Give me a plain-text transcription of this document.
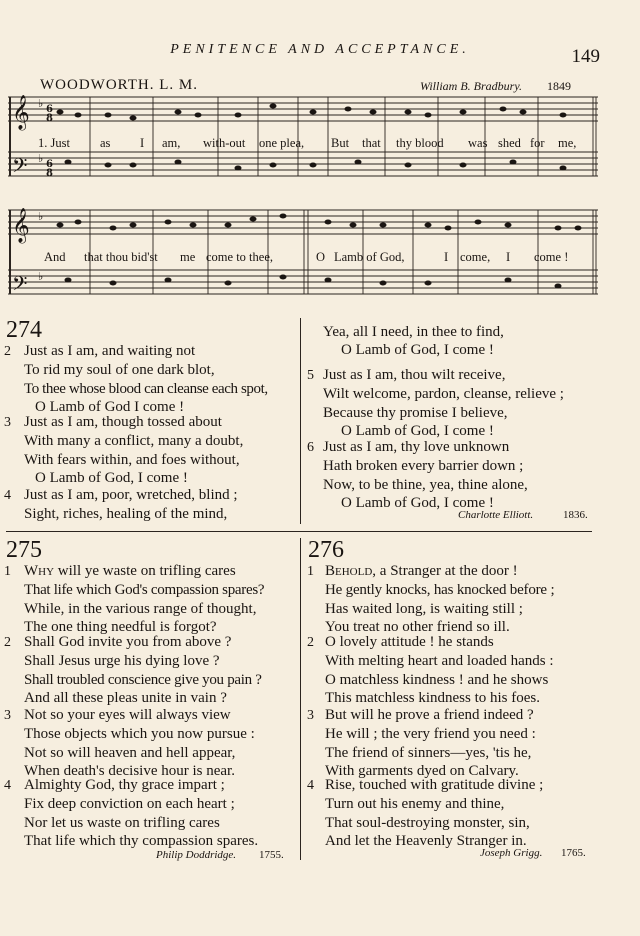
PENITENCE AND ACCEPTANCE.	149
WOODWORTH. L. M.	William B. Bradbury. 1849
𝄞
𝄢
𝄞
𝄢
♭
♭
♭
♭
6
8
6
8
1. Just as I am, with-out one plea, But that thy blood was shed for me,
And that thou bid'st me come to thee,	O Lamb of God,	I come, I come !
274
2 Just as I am, and waiting not
To rid my soul of one dark blot,
To thee whose blood can cleanse each spot,
O Lamb of God I come !
3 Just as I am, though tossed about
With many a conflict, many a doubt,
With fears within, and foes without,
O Lamb of God, I come !
4 Just as I am, poor, wretched, blind ;
Sight, riches, healing of the mind,
Yea, all I need, in thee to find,
O Lamb of God, I come !
5 Just as I am, thou wilt receive,
Wilt welcome, pardon, cleanse, relieve ;
Because thy promise I believe,
O Lamb of God, I come !
6 Just as I am, thy love unknown
Hath broken every barrier down ;
Now, to be thine, yea, thine alone,
O Lamb of God, I come !
Charlotte Elliott.	1836.
275
1 Why will ye waste on trifling cares
That life which God's compassion spares?
While, in the various range of thought,
The one thing needful is forgot?
2 Shall God invite you from above ?
Shall Jesus urge his dying love ?
Shall troubled conscience give you pain ?
And all these pleas unite in vain ?
3 Not so your eyes will always view
Those objects which you now pursue :
Not so will heaven and hell appear,
When death's decisive hour is near.
4 Almighty God, thy grace impart ;
Fix deep conviction on each heart ;
Nor let us waste on trifling cares
That life which thy compassion spares.
Philip Doddridge. 1755.
276
1 Behold, a Stranger at the door !
He gently knocks, has knocked before ;
Has waited long, is waiting still ;
You treat no other friend so ill.
2 O lovely attitude ! he stands
With melting heart and loaded hands :
O matchless kindness ! and he shows
This matchless kindness to his foes.
3 But will he prove a friend indeed ?
He will ; the very friend you need :
The friend of sinners—yes, 'tis he,
With garments dyed on Calvary.
4 Rise, touched with gratitude divine ;
Turn out his enemy and thine,
That soul-destroying monster, sin,
And let the Heavenly Stranger in.
Joseph Grigg. 1765.
